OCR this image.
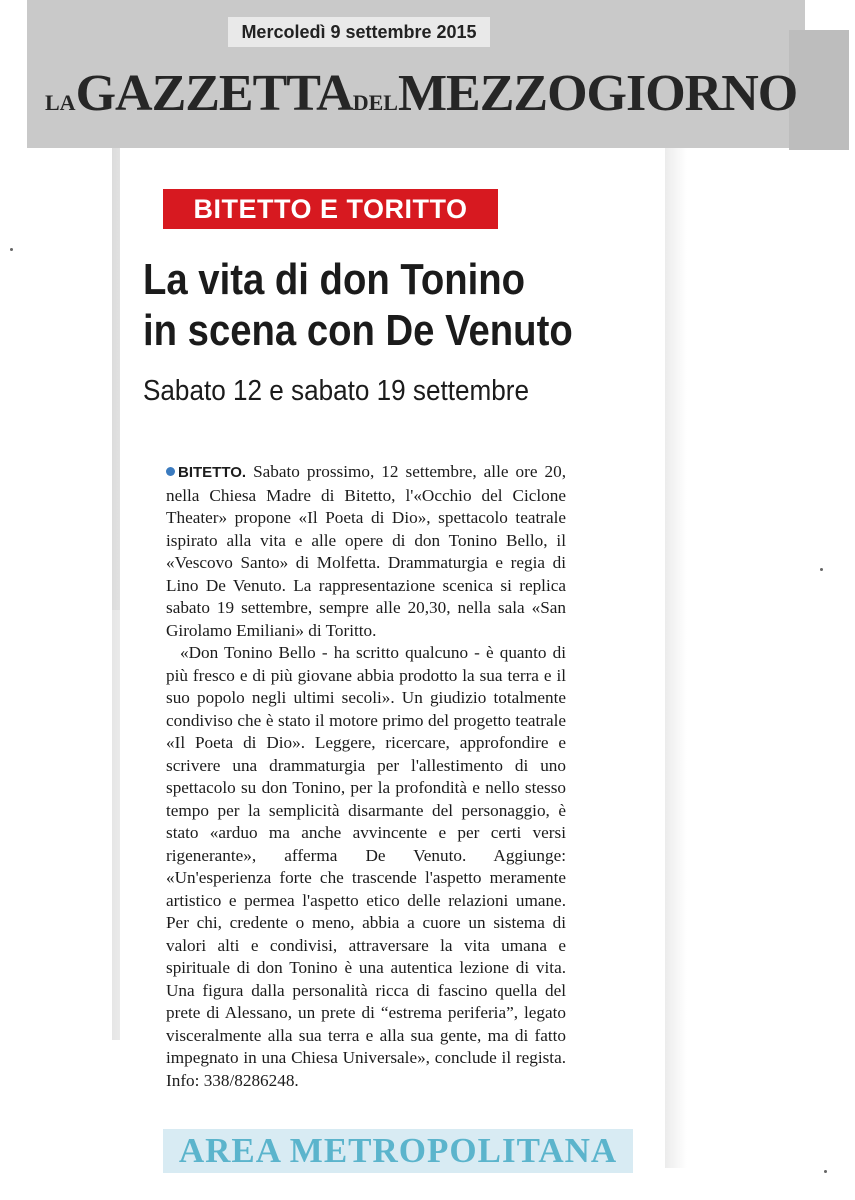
Mercoledì 9 settembre 2015
LAGAZZETTADELMEZZOGIORNO
BITETTO E TORITTO
La vita di don Tonino
in scena con De Venuto
Sabato 12 e sabato 19 settembre

BITETTO. Sabato prossimo, 12 settembre, alle ore 20, nella Chiesa Madre di Bitetto, l'«Occhio del Ciclone Theater» propone «Il Poeta di Dio», spettacolo teatrale ispirato alla vita e alle opere di don Tonino Bello, il «Vescovo Santo» di Molfetta. Drammaturgia e regia di Lino De Venuto. La rappresentazione scenica si replica sabato 19 settembre, sempre alle 20,30, nella sala «San Girolamo Emiliani» di Toritto.

«Don Tonino Bello - ha scritto qualcuno - è quanto di più fresco e di più giovane abbia prodotto la sua terra e il suo popolo negli ultimi secoli». Un giudizio totalmente condiviso che è stato il motore primo del progetto teatrale «Il Poeta di Dio». Leggere, ricercare, approfondire e scrivere una drammaturgia per l'allestimento di uno spettacolo su don Tonino, per la profondità e nello stesso tempo per la semplicità disarmante del personaggio, è stato «arduo ma anche avvincente e per certi versi rigenerante», afferma De Venuto. Aggiunge: «Un'esperienza forte che trascende l'aspetto meramente artistico e permea l'aspetto etico delle relazioni umane. Per chi, credente o meno, abbia a cuore un sistema di valori alti e condivisi, attraversare la vita umana e spirituale di don Tonino è una autentica lezione di vita. Una figura dalla personalità ricca di fascino quella del prete di Alessano, un prete di “estrema periferia”, legato visceralmente alla sua terra e alla sua gente, ma di fatto impegnato in una Chiesa Universale», conclude il regista. Info: 338/8286248.

AREA METROPOLITANA
